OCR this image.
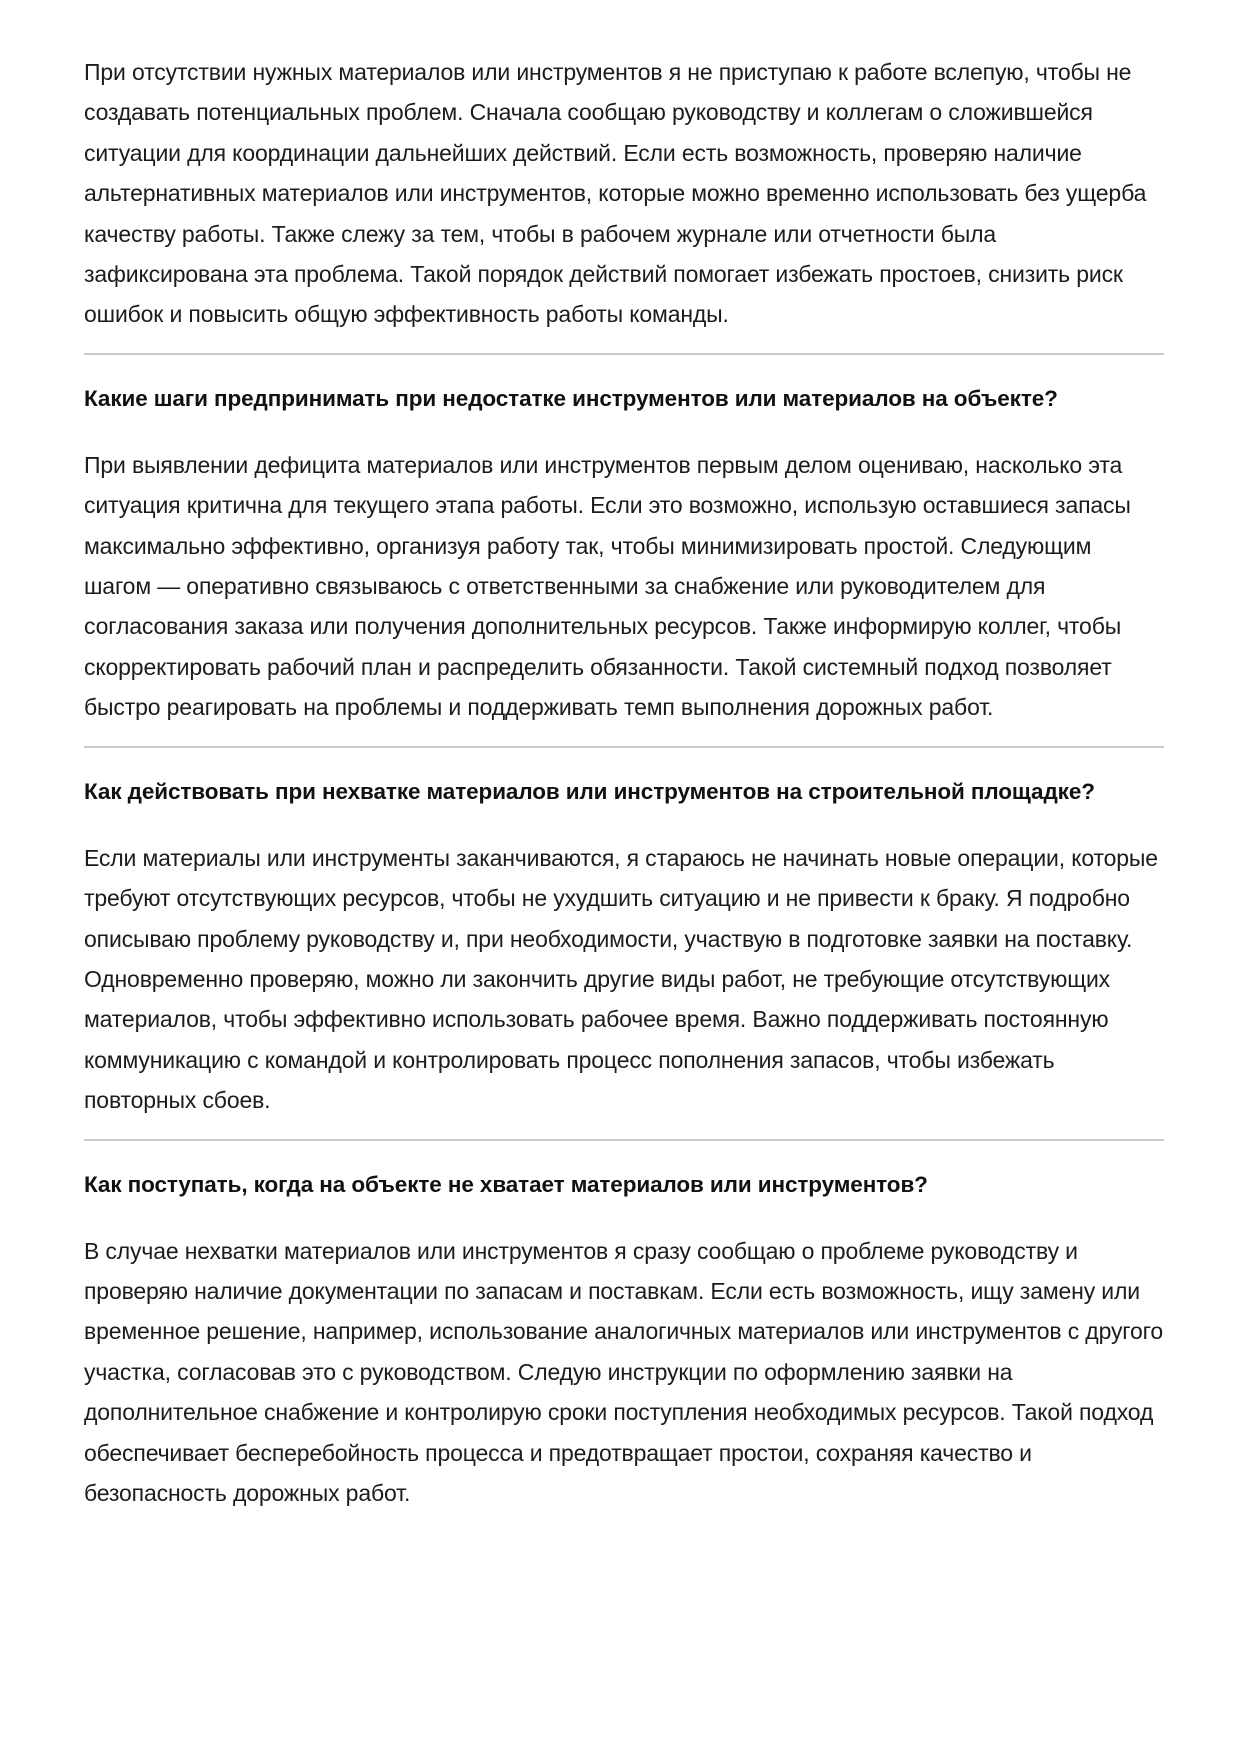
При отсутствии нужных материалов или инструментов я не приступаю к работе вслепую, чтобы не создавать потенциальных проблем. Сначала сообщаю руководству и коллегам о сложившейся ситуации для координации дальнейших действий. Если есть возможность, проверяю наличие альтернативных материалов или инструментов, которые можно временно использовать без ущерба качеству работы. Также слежу за тем, чтобы в рабочем журнале или отчетности была зафиксирована эта проблема. Такой порядок действий помогает избежать простоев, снизить риск ошибок и повысить общую эффективность работы команды.

Какие шаги предпринимать при недостатке инструментов или материалов на объекте?

При выявлении дефицита материалов или инструментов первым делом оцениваю, насколько эта ситуация критична для текущего этапа работы. Если это возможно, использую оставшиеся запасы максимально эффективно, организуя работу так, чтобы минимизировать простой. Следующим шагом — оперативно связываюсь с ответственными за снабжение или руководителем для согласования заказа или получения дополнительных ресурсов. Также информирую коллег, чтобы скорректировать рабочий план и распределить обязанности. Такой системный подход позволяет быстро реагировать на проблемы и поддерживать темп выполнения дорожных работ.

Как действовать при нехватке материалов или инструментов на строительной площадке?

Если материалы или инструменты заканчиваются, я стараюсь не начинать новые операции, которые требуют отсутствующих ресурсов, чтобы не ухудшить ситуацию и не привести к браку. Я подробно описываю проблему руководству и, при необходимости, участвую в подготовке заявки на поставку. Одновременно проверяю, можно ли закончить другие виды работ, не требующие отсутствующих материалов, чтобы эффективно использовать рабочее время. Важно поддерживать постоянную коммуникацию с командой и контролировать процесс пополнения запасов, чтобы избежать повторных сбоев.

Как поступать, когда на объекте не хватает материалов или инструментов?

В случае нехватки материалов или инструментов я сразу сообщаю о проблеме руководству и проверяю наличие документации по запасам и поставкам. Если есть возможность, ищу замену или временное решение, например, использование аналогичных материалов или инструментов с другого участка, согласовав это с руководством. Следую инструкции по оформлению заявки на дополнительное снабжение и контролирую сроки поступления необходимых ресурсов. Такой подход обеспечивает бесперебойность процесса и предотвращает простои, сохраняя качество и безопасность дорожных работ.
